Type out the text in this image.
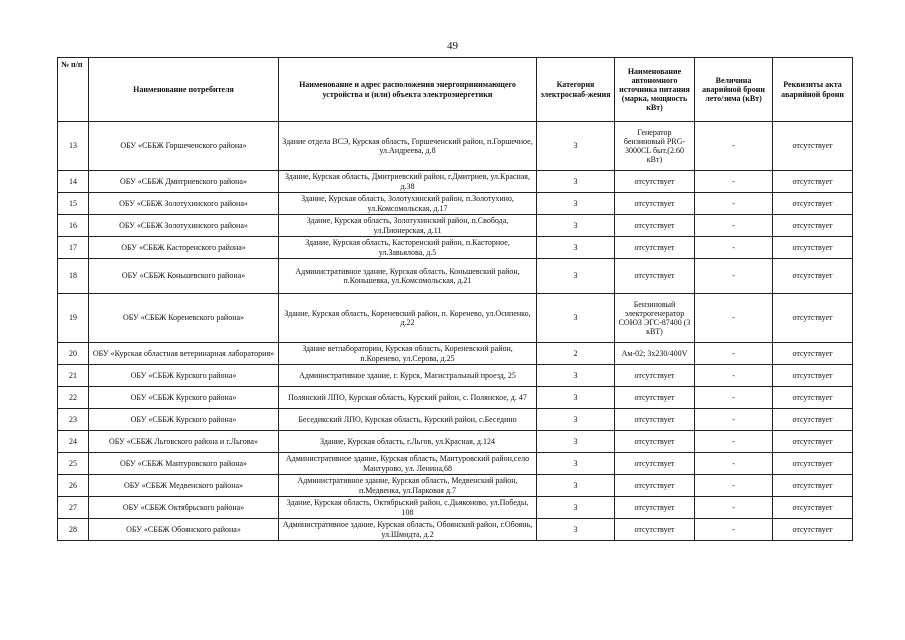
49
№ п/п	Наименование потребителя	Наименование и адрес расположения энергопринимающего устройства и (или) объекта электроэнергетики	Категория электроснаб-жения	Наименование автономного источника питания (марка, мощность кВт)	Величина аварийной брони лето/зима (кВт)	Реквизиты акта аварийной брони
13	ОБУ «СББЖ Горшеченского района»	Здание отдела ВСЭ, Курская область, Горшеченский район, п.Горшечное, ул.Андреева, д.8	3	Генератор бензиновый PRG-3000CL быт.(2.60 кВт)	-	отсутствует
14	ОБУ «СББЖ Дмитриевского района»	Здание, Курская область, Дмитриевский район, г.Дмитриев, ул.Красная, д.38	3	отсутствует	-	отсутствует
15	ОБУ «СББЖ Золотухинского района»	Здание, Курская область, Золотухинский район, п.Золотухино, ул.Комсомольская, д.17	3	отсутствует	-	отсутствует
16	ОБУ «СББЖ Золотухинского района»	Здание, Курская область, Золотухинский район, п.Свобода, ул.Пионерская, д.11	3	отсутствует	-	отсутствует
17	ОБУ «СББЖ Касторенского района»	Здание, Курская область, Касторенский район, п.Касторное, ул.Завьялова, д.5	3	отсутствует	-	отсутствует
18	ОБУ «СББЖ Коньшевского района»	Административное здание, Курская область, Коньшевский район, п.Коньшевка, ул.Комсомольская, д.21	3	отсутствует	-	отсутствует
19	ОБУ «СББЖ Кореневского района»	Здание, Курская область, Кореневский район, п. Коренево, ул.Осипенко, д.22	3	Бензиновый электрогенератор СОЮЗ ЭГС-87400 (3 кВТ)	-	отсутствует
20	ОБУ «Курская областная ветеринарная лаборатория»	Здание ветлаборатории, Курская область, Кореневский район, п.Коренево, ул.Серова, д.25	2	Ам-02; 3х230/400V	-	отсутствует
21	ОБУ «СББЖ Курского района»	Административное здание, г. Курск, Магистральный проезд, 25	3	отсутствует	-	отсутствует
22	ОБУ «СББЖ Курского района»	Полянский ЛПО, Курская область, Курский район, с. Полянское, д. 47	3	отсутствует	-	отсутствует
23	ОБУ «СББЖ Курского района»	Беседикский ЛПО, Курская область, Курский район, с.Беседино	3	отсутствует	-	отсутствует
24	ОБУ «СББЖ Льговского района и г.Льгова»	Здание, Курская область, г.Льгов, ул.Красная, д.124	3	отсутствует	-	отсутствует
25	ОБУ «СББЖ Мантуровского района»	Административное здание, Курская область, Мантуровский район,село Мантурово, ул. Ленина,68	3	отсутствует	-	отсутствует
26	ОБУ «СББЖ Медвенского района»	Административное здание, Курская область, Медвенский район, п.Медвенка, ул.Парковая д.7	3	отсутствует	-	отсутствует
27	ОБУ «СББЖ Октябрьского района»	Здание, Курская область, Октябрьский район, с.Дьяконово, ул.Победы, 108	3	отсутствует	-	отсутствует
28	ОБУ «СББЖ Обоянского района»	Административное здание, Курская область, Обоянский район, г.Обоянь, ул.Шмидта, д.2	3	отсутствует	-	отсутствует
